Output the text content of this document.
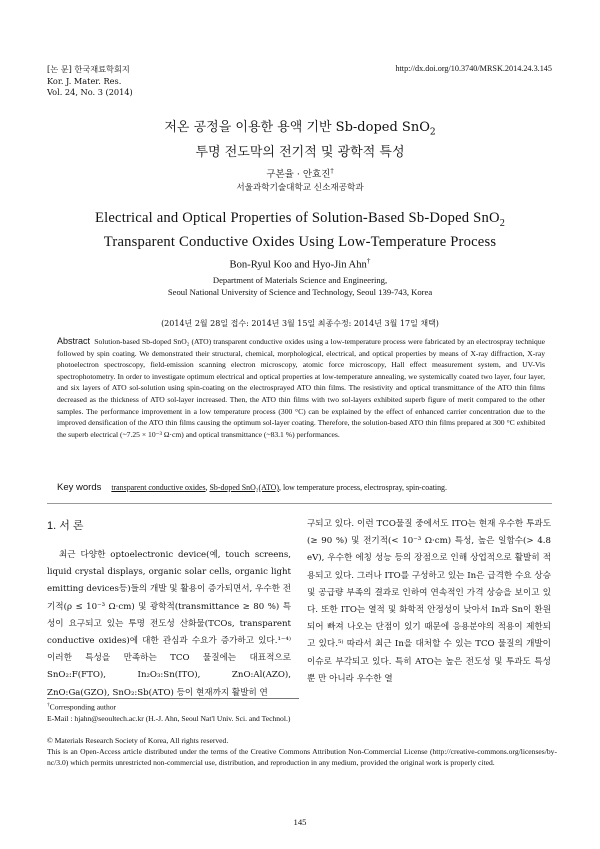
[논 문] 한국재료학회지
Kor. J. Mater. Res.
Vol. 24, No. 3 (2014)
http://dx.doi.org/10.3740/MRSK.2014.24.3.145
저온 공정을 이용한 용액 기반 Sb-doped SnO$_2$
투명 전도막의 전기적 및 광학적 특성
구본율 · 안효진†
서울과학기술대학교 신소재공학과
Electrical and Optical Properties of Solution-Based Sb-Doped SnO$_2$
Transparent Conductive Oxides Using Low-Temperature Process
Bon-Ryul Koo and Hyo-Jin Ahn†
Department of Materials Science and Engineering,
Seoul National University of Science and Technology, Seoul 139-743, Korea
(2014년 2월 28일 접수: 2014년 3월 15일 최종수정: 2014년 3월 17일 채택)
Abstract Solution-based Sb-doped SnO₂ (ATO) transparent conductive oxides using a low-temperature process were fabricated by an electrospray technique followed by spin coating. We demonstrated their structural, chemical, morphological, electrical, and optical properties by means of X-ray diffraction, X-ray photoelectron spectroscopy, field-emission scanning electron microscopy, atomic force microscopy, Hall effect measurement system, and UV-Vis spectrophotometry. In order to investigate optimum electrical and optical properties at low-temperature annealing, we systemically coated two layer, four layer, and six layers of ATO sol-solution using spin-coating on the electrosprayed ATO thin films. The resistivity and optical transmittance of the ATO thin films decreased as the thickness of ATO sol-layer increased. Then, the ATO thin films with two sol-layers exhibited superb figure of merit compared to the other samples. The performance improvement in a low temperature process (300 °C) can be explained by the effect of enhanced carrier concentration due to the improved densification of the ATO thin films causing the optimum sol-layer coating. Therefore, the solution-based ATO thin films prepared at 300 °C exhibited the superb electrical (~7.25 × 10⁻³ Ω·cm) and optical transmittance (~83.1 %) performances.
Key words transparent conductive oxides, Sb-doped SnO₂(ATO), low temperature process, electrospray, spin-coating.
1. 서 론

최근 다양한 optoelectronic device(예, touch screens, liquid crystal displays, organic solar cells, organic light emitting devices등)들의 개발 및 활용이 증가되면서, 우수한 전기적(ρ ≤ 10⁻³ Ω·cm) 및 광학적(transmittance ≥ 80 %) 특성이 요구되고 있는 투명 전도성 산화물(TCOs, transparent conductive oxides)에 대한 관심과 수요가 증가하고 있다.¹⁻⁴⁾ 이러한 특성을 만족하는 TCO 물질에는 대표적으로 SnO₂:F(FTO), In₂O₃:Sn(ITO), ZnO:Al(AZO), ZnO:Ga(GZO), SnO₂:Sb(ATO) 등이 현재까지 활발히 연

구되고 있다. 이런 TCO물질 중에서도 ITO는 현재 우수한 투과도(≥ 90 %) 및 전기적(< 10⁻³ Ω·cm) 특성, 높은 일함수(> 4.8 eV), 우수한 에칭 성능 등의 장점으로 인해 상업적으로 활발히 적용되고 있다. 그러나 ITO를 구성하고 있는 In은 급격한 수요 상승 및 공급량 부족의 결과로 인하여 연속적인 가격 상승을 보이고 있다. 또한 ITO는 열적 및 화학적 안정성이 낮아서 In과 Sn이 환원되어 빠져 나오는 단점이 있기 때문에 응용분야의 적용이 제한되고 있다.⁵⁾ 따라서 최근 In을 대처할 수 있는 TCO 물질의 개발이 이슈로 부각되고 있다. 특히 ATO는 높은 전도성 및 투과도 특성뿐 만 아니라 우수한 열

†Corresponding author

E-Mail : hjahn@seoultech.ac.kr (H.-J. Ahn, Seoul Nat'l Univ. Sci. and Technol.)

© Materials Research Society of Korea, All rights reserved.

This is an Open-Access article distributed under the terms of the Creative Commons Attribution Non-Commercial License (http://creative-commons.org/licenses/by-nc/3.0) which permits unrestricted non-commercial use, distribution, and reproduction in any medium, provided the original work is properly cited.

145
